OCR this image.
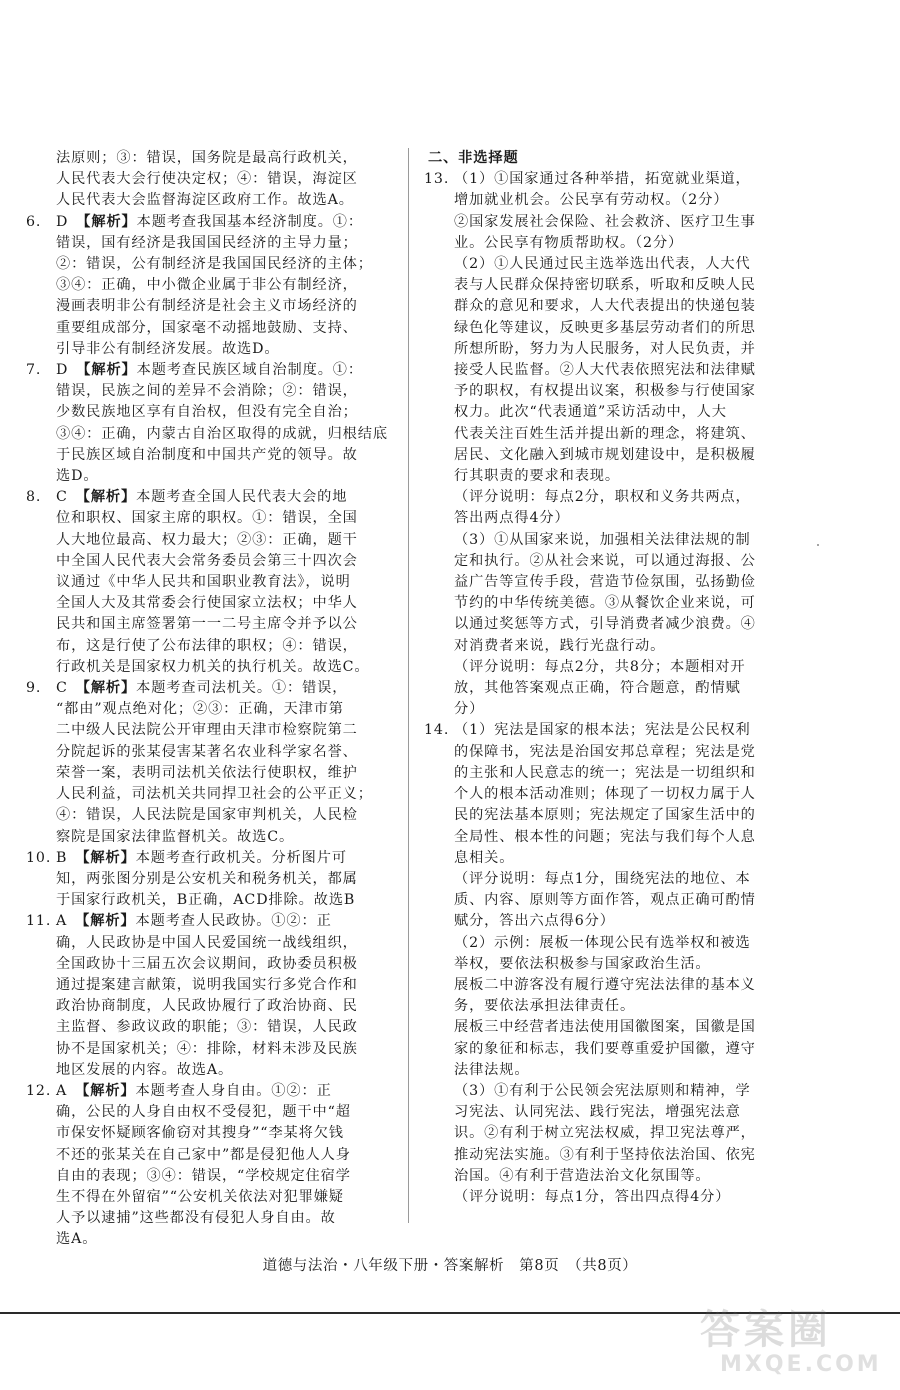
法原则；③：错误，国务院是最高行政机关，

人民代表大会行使决定权；④：错误，海淀区

人民代表大会监督海淀区政府工作。故选A。

6. D　 【解析】本题考查我国基本经济制度。①：

错误，国有经济是我国国民经济的主导力量；

②：错误，公有制经济是我国国民经济的主体；

③④：正确，中小微企业属于非公有制经济，

漫画表明非公有制经济是社会主义市场经济的

重要组成部分，国家毫不动摇地鼓励、支持、

引导非公有制经济发展。故选D。

7. D　 【解析】本题考查民族区域自治制度。①：

错误，民族之间的差异不会消除；②：错误，

少数民族地区享有自治权，但没有完全自治；

③④：正确，内蒙古自治区取得的成就，归根结底

于民族区域自治制度和中国共产党的领导。故

选D。

8. C　 【解析】本题考查全国人民代表大会的地

位和职权、国家主席的职权。①：错误，全国

人大地位最高、权力最大；②③：正确，题干

中全国人民代表大会常务委员会第三十四次会

议通过《中华人民共和国职业教育法》，说明

全国人大及其常委会行使国家立法权；中华人

民共和国主席签署第一一二号主席令并予以公

布，这是行使了公布法律的职权；④：错误，

行政机关是国家权力机关的执行机关。故选C。

9. C　 【解析】本题考查司法机关。①：错误，

“都由”观点绝对化；②③：正确，天津市第

二中级人民法院公开审理由天津市检察院第二

分院起诉的张某侵害某著名农业科学家名誉、

荣誉一案，表明司法机关依法行使职权，维护

人民利益，司法机关共同捍卫社会的公平正义；

④：错误，人民法院是国家审判机关，人民检

察院是国家法律监督机关。故选C。

10. B　 【解析】本题考查行政机关。分析图片可

知，两张图分别是公安机关和税务机关，都属

于国家行政机关，B正确，ACD排除。故选B

11. A　 【解析】本题考查人民政协。①②：正

确，人民政协是中国人民爱国统一战线组织，

全国政协十三届五次会议期间，政协委员积极

通过提案建言献策，说明我国实行多党合作和

政治协商制度，人民政协履行了政治协商、民

主监督、参政议政的职能；③：错误，人民政

协不是国家机关；④：排除，材料未涉及民族

地区发展的内容。故选A。

12. A　 【解析】本题考查人身自由。①②：正

确，公民的人身自由权不受侵犯，题干中“超

市保安怀疑顾客偷窃对其搜身”“李某将欠钱

不还的张某关在自己家中”都是侵犯他人人身

自由的表现；③④：错误，“学校规定住宿学

生不得在外留宿”“公安机关依法对犯罪嫌疑

人予以逮捕”这些都没有侵犯人身自由。故

选A。

二、非选择题

13. （1）①国家通过各种举措，拓宽就业渠道，

增加就业机会。公民享有劳动权。（2分）

②国家发展社会保险、社会救济、医疗卫生事

业。公民享有物质帮助权。（2分）

（2）①人民通过民主选举选出代表，人大代

表与人民群众保持密切联系，听取和反映人民

群众的意见和要求，人大代表提出的快递包装

绿色化等建议，反映更多基层劳动者们的所思

所想所盼，努力为人民服务，对人民负责，并

接受人民监督。②人大代表依照宪法和法律赋

予的职权，有权提出议案，积极参与行使国家

权力。此次“代表通道”采访活动中，人大

代表关注百姓生活并提出新的理念，将建筑、

居民、文化融入到城市规划建设中，是积极履

行其职责的要求和表现。

（评分说明：每点2分，职权和义务共两点，

答出两点得4分）

（3）①从国家来说，加强相关法律法规的制

定和执行。②从社会来说，可以通过海报、公

益广告等宣传手段，营造节俭氛围，弘扬勤俭

节约的中华传统美德。③从餐饮企业来说，可

以通过奖惩等方式，引导消费者减少浪费。④

对消费者来说，践行光盘行动。

（评分说明：每点2分，共8分；本题相对开

放，其他答案观点正确，符合题意，酌情赋

分）

14. （1）宪法是国家的根本法；宪法是公民权利

的保障书，宪法是治国安邦总章程；宪法是党

的主张和人民意志的统一；宪法是一切组织和

个人的根本活动准则；体现了一切权力属于人

民的宪法基本原则；宪法规定了国家生活中的

全局性、根本性的问题；宪法与我们每个人息

息相关。

（评分说明：每点1分，围绕宪法的地位、本

质、内容、原则等方面作答，观点正确可酌情

赋分，答出六点得6分）

（2）示例：展板一体现公民有选举权和被选

举权，要依法积极参与国家政治生活。

展板二中游客没有履行遵守宪法法律的基本义

务，要依法承担法律责任。

展板三中经营者违法使用国徽图案，国徽是国

家的象征和标志，我们要尊重爱护国徽，遵守

法律法规。

（3）①有利于公民领会宪法原则和精神，学

习宪法、认同宪法、践行宪法，增强宪法意

识。②有利于树立宪法权威，捍卫宪法尊严，

推动宪法实施。③有利于坚持依法治国、依宪

治国。④有利于营造法治文化氛围等。

（评分说明：每点1分，答出四点得4分）

道德与法治・八年级下册・答案解析　第8页　（共8页）
答案圈
MXQE.COM
